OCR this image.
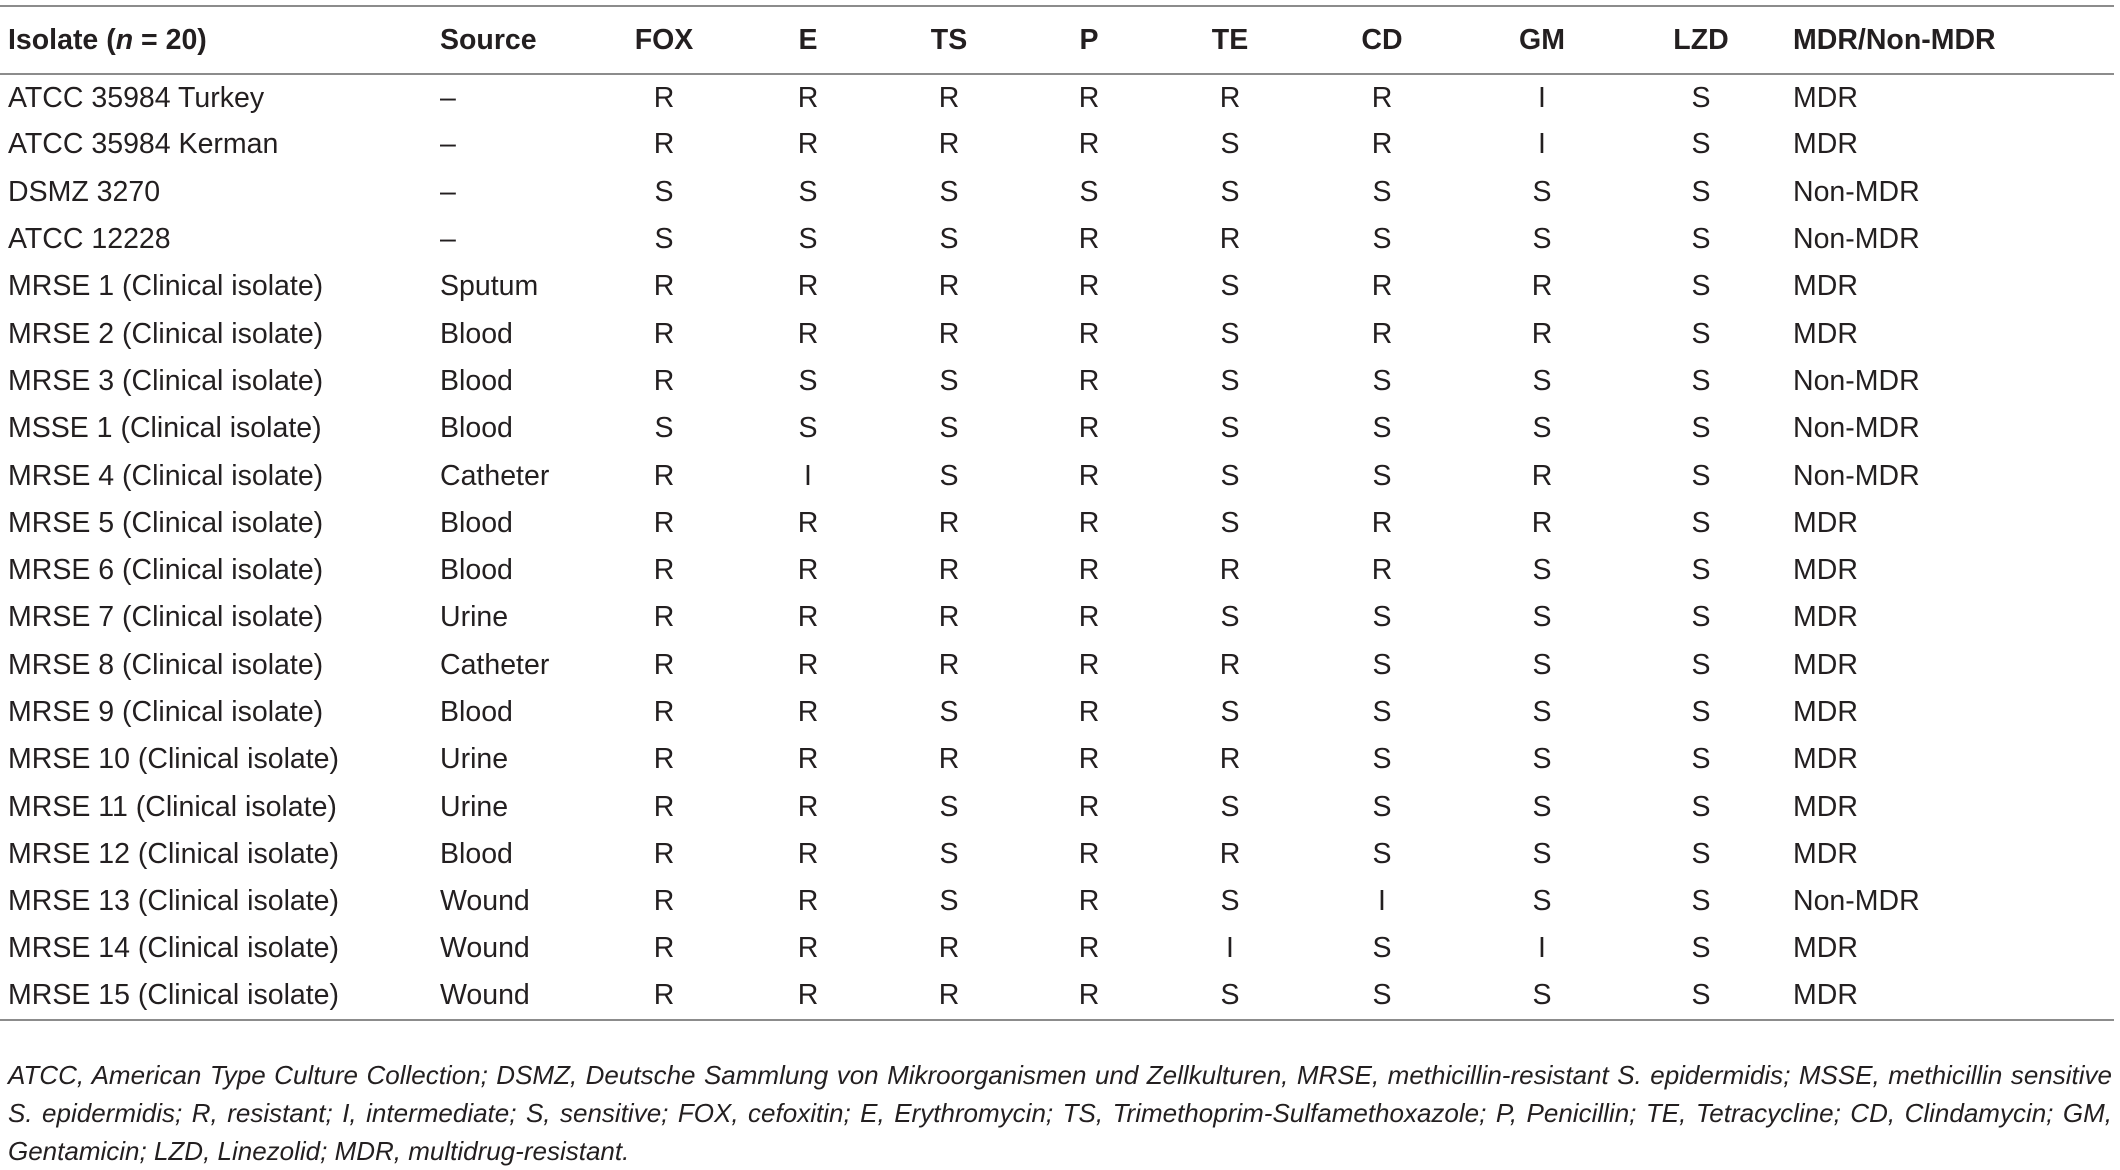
Isolate (n = 20)	Source	FOX	E	TS	P	TE	CD	GM	LZD	MDR/Non-MDR
ATCC 35984 Turkey	–	R	R	R	R	R	R	I	S	MDR
ATCC 35984 Kerman	–	R	R	R	R	S	R	I	S	MDR
DSMZ 3270	–	S	S	S	S	S	S	S	S	Non-MDR
ATCC 12228	–	S	S	S	R	R	S	S	S	Non-MDR
MRSE 1 (Clinical isolate)	Sputum	R	R	R	R	S	R	R	S	MDR
MRSE 2 (Clinical isolate)	Blood	R	R	R	R	S	R	R	S	MDR
MRSE 3 (Clinical isolate)	Blood	R	S	S	R	S	S	S	S	Non-MDR
MSSE 1 (Clinical isolate)	Blood	S	S	S	R	S	S	S	S	Non-MDR
MRSE 4 (Clinical isolate)	Catheter	R	I	S	R	S	S	R	S	Non-MDR
MRSE 5 (Clinical isolate)	Blood	R	R	R	R	S	R	R	S	MDR
MRSE 6 (Clinical isolate)	Blood	R	R	R	R	R	R	S	S	MDR
MRSE 7 (Clinical isolate)	Urine	R	R	R	R	S	S	S	S	MDR
MRSE 8 (Clinical isolate)	Catheter	R	R	R	R	R	S	S	S	MDR
MRSE 9 (Clinical isolate)	Blood	R	R	S	R	S	S	S	S	MDR
MRSE 10 (Clinical isolate)	Urine	R	R	R	R	R	S	S	S	MDR
MRSE 11 (Clinical isolate)	Urine	R	R	S	R	S	S	S	S	MDR
MRSE 12 (Clinical isolate)	Blood	R	R	S	R	R	S	S	S	MDR
MRSE 13 (Clinical isolate)	Wound	R	R	S	R	S	I	S	S	Non-MDR
MRSE 14 (Clinical isolate)	Wound	R	R	R	R	I	S	I	S	MDR
MRSE 15 (Clinical isolate)	Wound	R	R	R	R	S	S	S	S	MDR
ATCC, American Type Culture Collection; DSMZ, Deutsche Sammlung von Mikroorganismen und Zellkulturen, MRSE, methicillin-resistant S. epidermidis; MSSE, methicillin sensitive S. epidermidis; R, resistant; I, intermediate; S, sensitive; FOX, cefoxitin; E, Erythromycin; TS, Trimethoprim-Sulfamethoxazole; P, Penicillin; TE, Tetracycline; CD, Clindamycin; GM, Gentamicin; LZD, Linezolid; MDR, multidrug-resistant.
